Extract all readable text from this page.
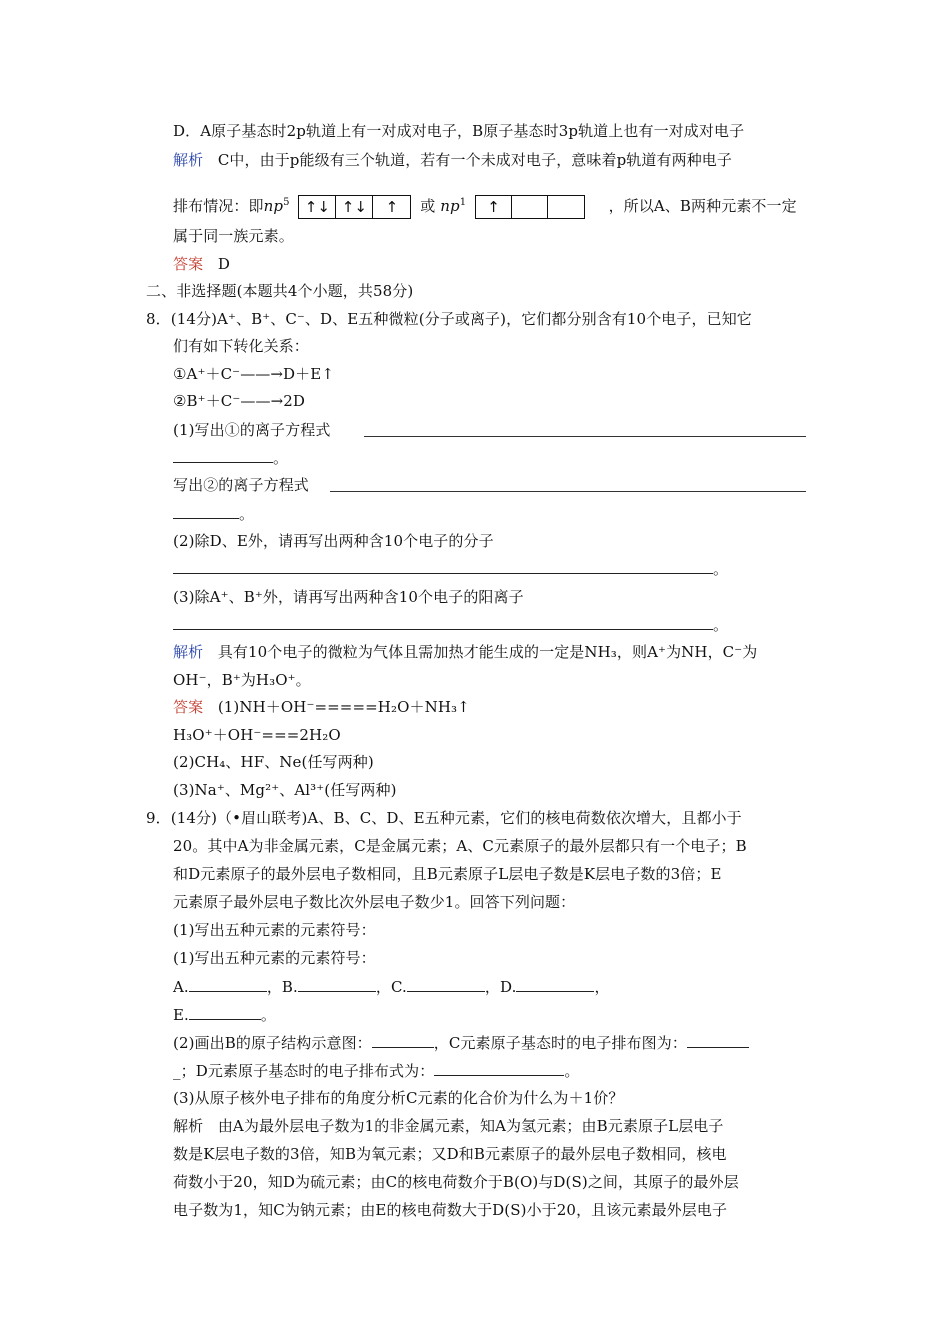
D．A原子基态时2p轨道上有一对成对电子，B原子基态时3p轨道上也有一对成对电子
解析 C中，由于p能级有三个轨道，若有一个未成对电子，意味着p轨道有两种电子
排布情况：即$np^5$	↑↓ ↑↓	↑	或 $np^1$	↑	，所以A、B两种元素不一定
属于同一族元素。
答案 D
二、非选择题(本题共4个小题，共58分)
8．(14分)A⁺、B⁺、C⁻、D、E五种微粒(分子或离子)，它们都分别含有10个电子，已知它
们有如下转化关系：
①A⁺＋C⁻——→D＋E↑
②B⁺＋C⁻——→2D
(1)写出①的离子方程式
。
写出②的离子方程式
。
(2)除D、E外，请再写出两种含10个电子的分子
。
(3)除A⁺、B⁺外，请再写出两种含10个电子的阳离子
。
解析 具有10个电子的微粒为气体且需加热才能生成的一定是NH₃，则A⁺为NH，C⁻为
OH⁻，B⁺为H₃O⁺。
答案 (1)NH＋OH⁻=====H₂O＋NH₃↑
H₃O⁺＋OH⁻===2H₂O
(2)CH₄、HF、Ne(任写两种)
(3)Na⁺、Mg²⁺、Al³⁺(任写两种)
9．(14分)（•眉山联考)A、B、C、D、E五种元素，它们的核电荷数依次增大，且都小于
20。其中A为非金属元素，C是金属元素；A、C元素原子的最外层都只有一个电子；B
和D元素原子的最外层电子数相同，且B元素原子L层电子数是K层电子数的3倍；E
元素原子最外层电子数比次外层电子数少1。回答下列问题：
(1)写出五种元素的元素符号：
(1)写出五种元素的元素符号：
A.	，B.	，C.	，D.	，
E.	。
(2)画出B的原子结构示意图：	，C元素原子基态时的电子排布图为：
_；D元素原子基态时的电子排布式为：	。
(3)从原子核外电子排布的角度分析C元素的化合价为什么为＋1价？
解析 由A为最外层电子数为1的非金属元素，知A为氢元素；由B元素原子L层电子
数是K层电子数的3倍，知B为氧元素；又D和B元素原子的最外层电子数相同，核电
荷数小于20，知D为硫元素；由C的核电荷数介于B(O)与D(S)之间，其原子的最外层
电子数为1，知C为钠元素；由E的核电荷数大于D(S)小于20，且该元素最外层电子
